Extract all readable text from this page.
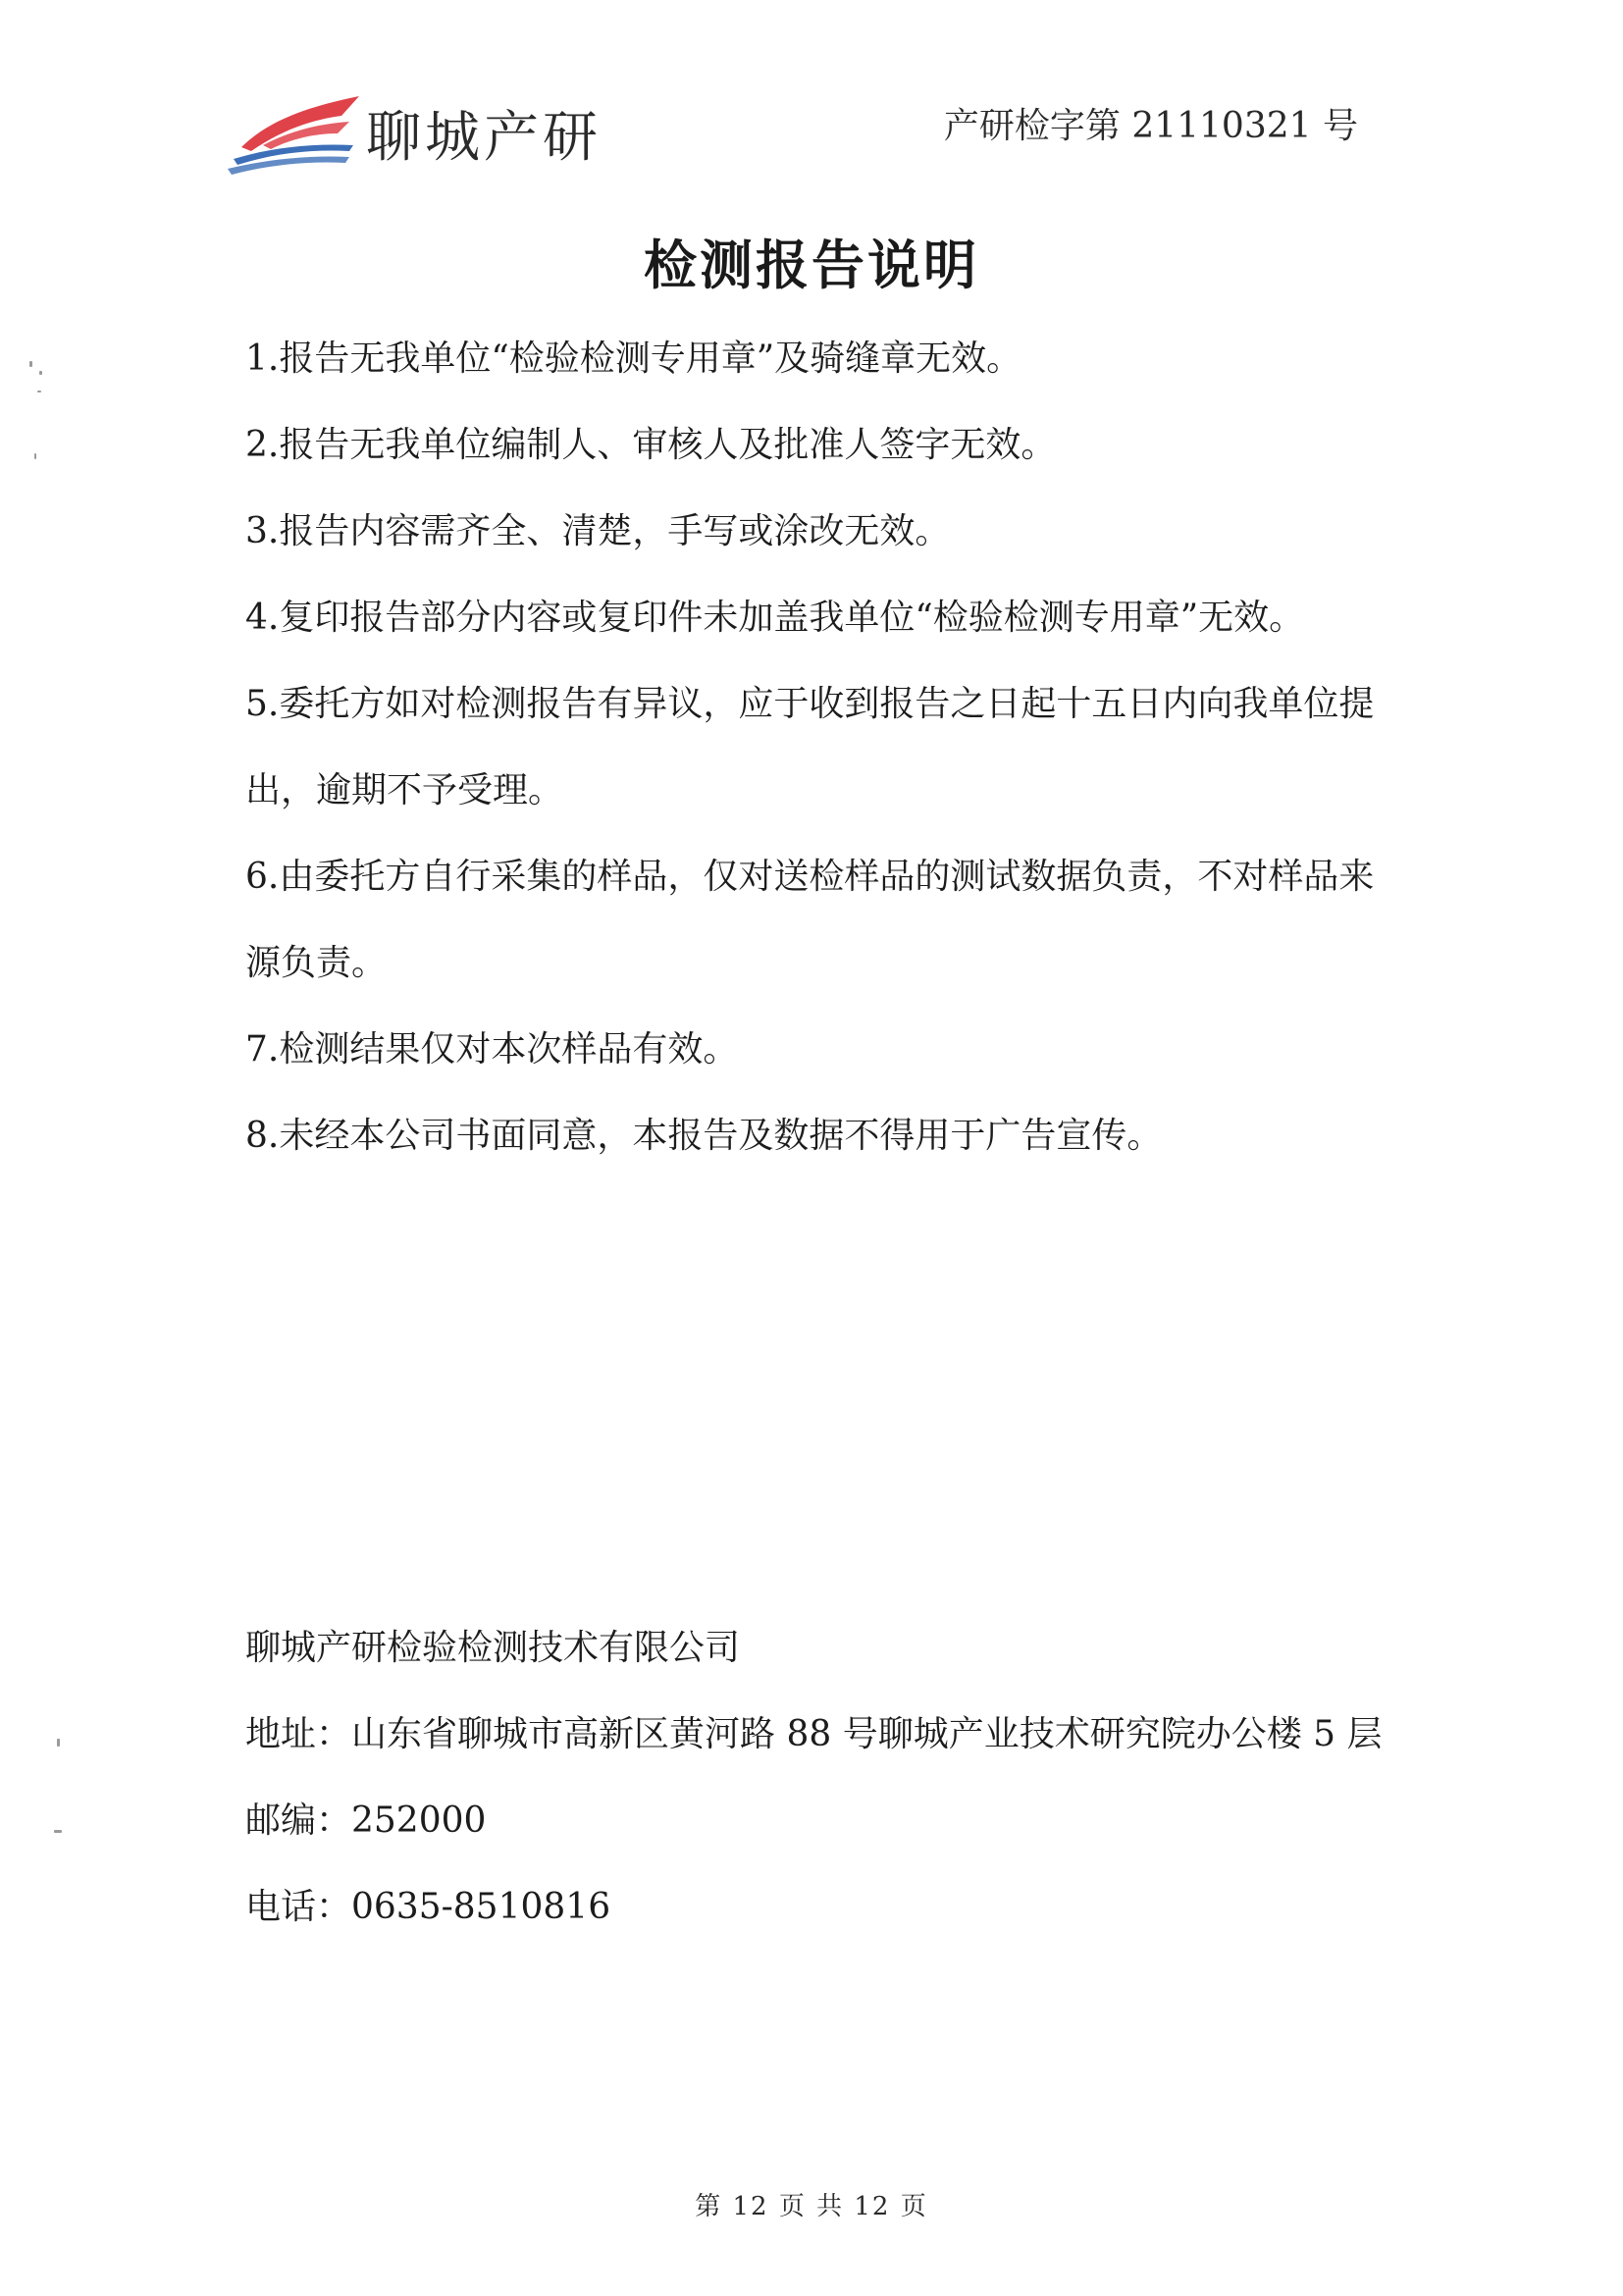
聊城产研	产研检字第 21110321 号
检测报告说明
1.报告无我单位“检验检测专用章”及骑缝章无效。
2.报告无我单位编制人、审核人及批准人签字无效。
3.报告内容需齐全、清楚，手写或涂改无效。
4.复印报告部分内容或复印件未加盖我单位“检验检测专用章”无效。
5.委托方如对检测报告有异议，应于收到报告之日起十五日内向我单位提出，逾期不予受理。
6.由委托方自行采集的样品，仅对送检样品的测试数据负责，不对样品来源负责。
7.检测结果仅对本次样品有效。
8.未经本公司书面同意，本报告及数据不得用于广告宣传。

聊城产研检验检测技术有限公司

地址：山东省聊城市高新区黄河路 88 号聊城产业技术研究院办公楼 5 层

邮编：252000

电话：0635-8510816

第 12 页 共 12 页
